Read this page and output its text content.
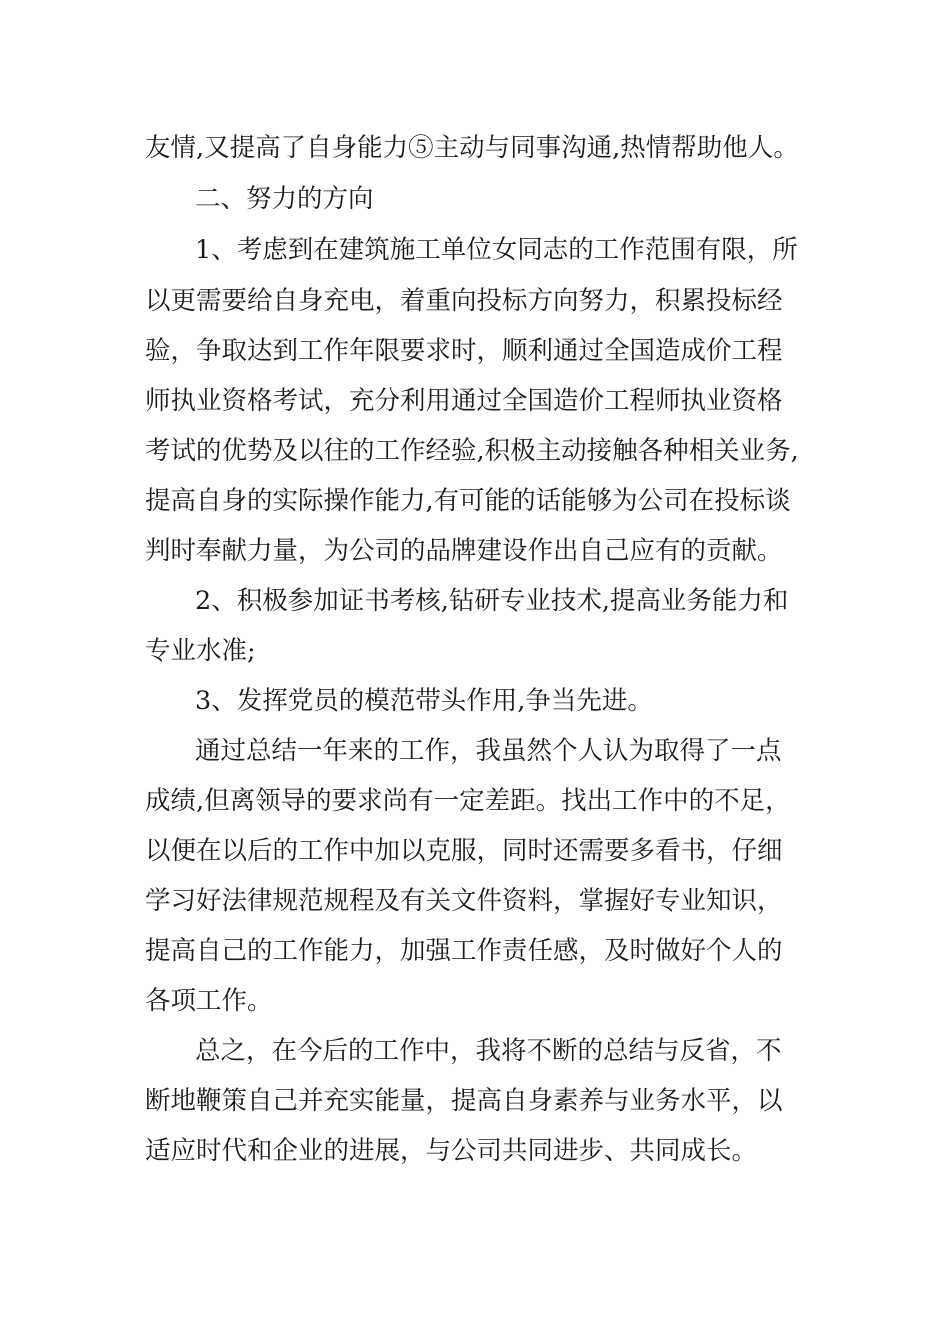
友情,又提高了自身能力⑤主动与同事沟通,热情帮助他人。
二、努力的方向
1、考虑到在建筑施工单位女同志的工作范围有限，所
以更需要给自身充电，着重向投标方向努力，积累投标经
验，争取达到工作年限要求时，顺利通过全国造成价工程
师执业资格考试，充分利用通过全国造价工程师执业资格
考试的优势及以往的工作经验,积极主动接触各种相关业务,
提高自身的实际操作能力,有可能的话能够为公司在投标谈
判时奉献力量，为公司的品牌建设作出自己应有的贡献。
2、积极参加证书考核,钻研专业技术,提高业务能力和
专业水准;
3、发挥党员的模范带头作用,争当先进。
通过总结一年来的工作，我虽然个人认为取得了一点
成绩,但离领导的要求尚有一定差距。找出工作中的不足，
以便在以后的工作中加以克服，同时还需要多看书，仔细
学习好法律规范规程及有关文件资料，掌握好专业知识，
提高自己的工作能力，加强工作责任感，及时做好个人的
各项工作。
总之，在今后的工作中，我将不断的总结与反省，不
断地鞭策自己并充实能量，提高自身素养与业务水平，以
适应时代和企业的进展，与公司共同进步、共同成长。
